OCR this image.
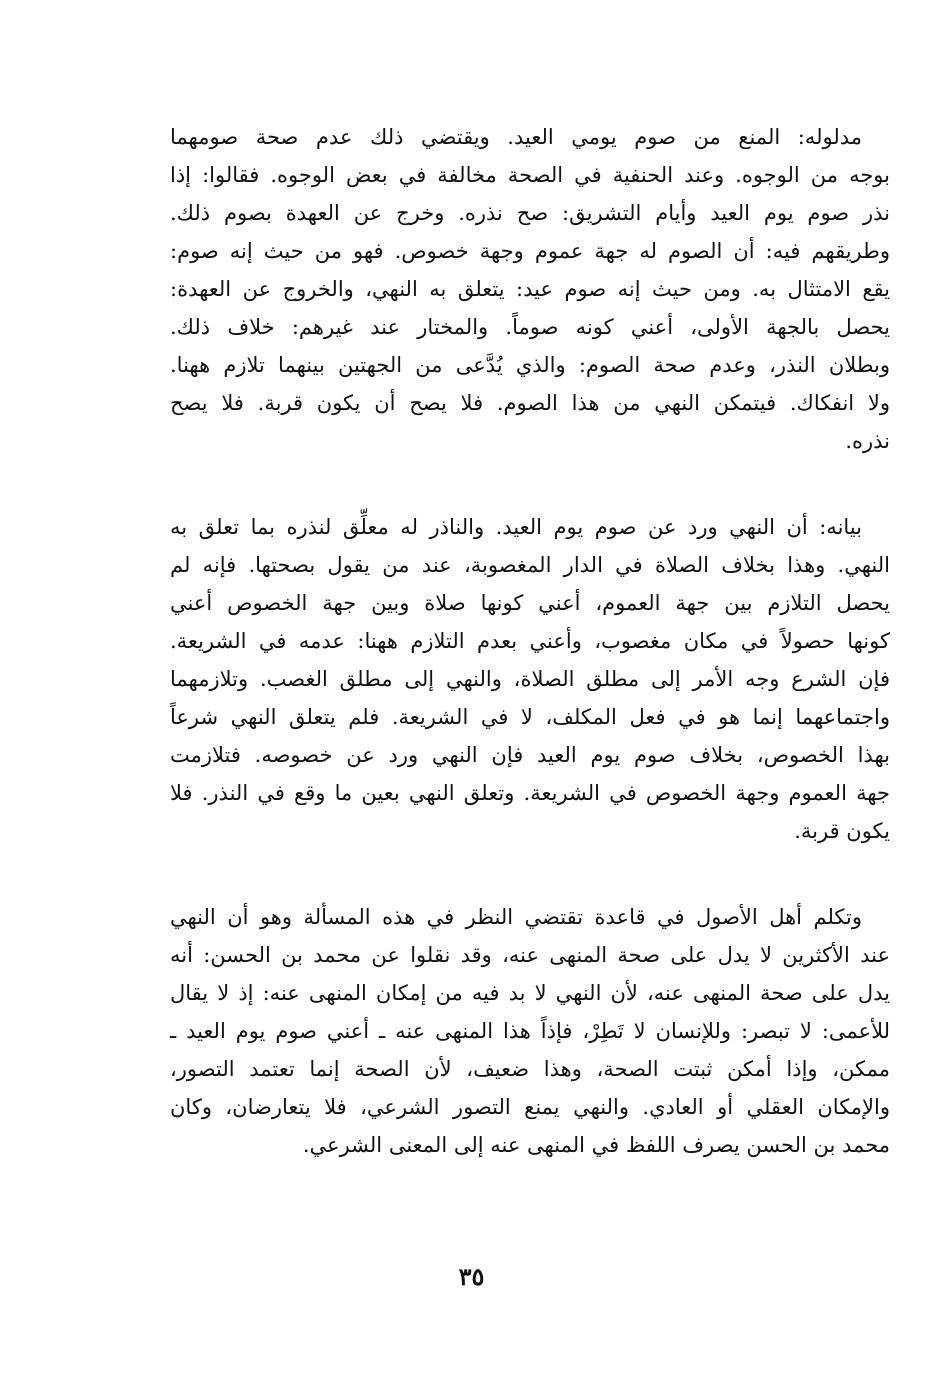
مدلوله: المنع من صوم يومي العيد. ويقتضي ذلك عدم صحة صومهما
بوجه من الوجوه. وعند الحنفية في الصحة مخالفة في بعض الوجوه. فقالوا: إذا
نذر صوم يوم العيد وأيام التشريق: صح نذره. وخرج عن العهدة بصوم ذلك.
وطريقهم فيه: أن الصوم له جهة عموم وجهة خصوص. فهو من حيث إنه صوم:
يقع الامتثال به. ومن حيث إنه صوم عيد: يتعلق به النهي، والخروج عن العهدة:
يحصل بالجهة الأولى، أعني كونه صوماً. والمختار عند غيرهم: خلاف ذلك.
وبطلان النذر، وعدم صحة الصوم: والذي يُدَّعى من الجهتين بينهما تلازم ههنا.
ولا انفكاك. فيتمكن النهي من هذا الصوم. فلا يصح أن يكون قربة. فلا يصح
نذره.
بيانه: أن النهي ورد عن صوم يوم العيد. والناذر له معلِّق لنذره بما تعلق به
النهي. وهذا بخلاف الصلاة في الدار المغصوبة، عند من يقول بصحتها. فإنه لم
يحصل التلازم بين جهة العموم، أعني كونها صلاة وبين جهة الخصوص أعني
كونها حصولاً في مكان مغصوب، وأعني بعدم التلازم ههنا: عدمه في الشريعة.
فإن الشرع وجه الأمر إلى مطلق الصلاة، والنهي إلى مطلق الغصب. وتلازمهما
واجتماعهما إنما هو في فعل المكلف، لا في الشريعة. فلم يتعلق النهي شرعاً
بهذا الخصوص، بخلاف صوم يوم العيد فإن النهي ورد عن خصوصه. فتلازمت
جهة العموم وجهة الخصوص في الشريعة. وتعلق النهي بعين ما وقع في النذر. فلا
يكون قربة.
وتكلم أهل الأصول في قاعدة تقتضي النظر في هذه المسألة وهو أن النهي
عند الأكثرين لا يدل على صحة المنهى عنه، وقد نقلوا عن محمد بن الحسن: أنه
يدل على صحة المنهى عنه، لأن النهي لا بد فيه من إمكان المنهى عنه: إذ لا يقال
للأعمى: لا تبصر: وللإنسان لا تَطِرْ، فإذاً هذا المنهى عنه ـ أعني صوم يوم العيد ـ
ممكن، وإذا أمكن ثبتت الصحة، وهذا ضعيف، لأن الصحة إنما تعتمد التصور،
والإمكان العقلي أو العادي. والنهي يمنع التصور الشرعي، فلا يتعارضان، وكان
محمد بن الحسن يصرف اللفظ في المنهى عنه إلى المعنى الشرعي.
٣٥
